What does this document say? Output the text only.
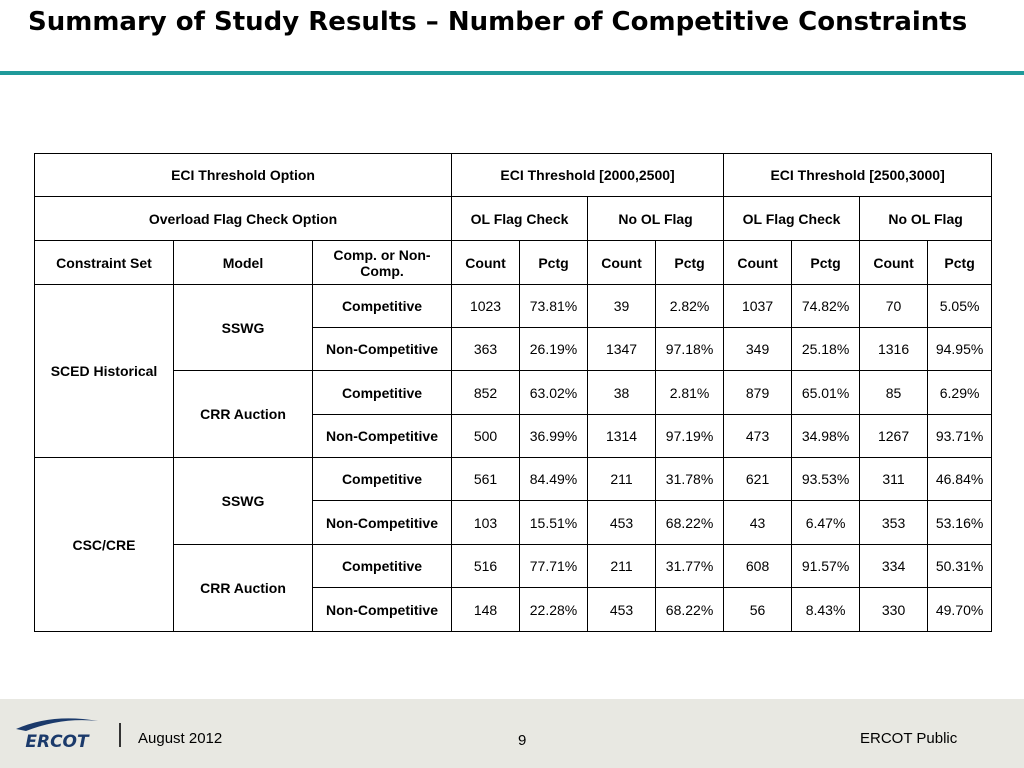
Summary of Study Results – Number of Competitive Constraints
ECI Threshold Option			ECI Threshold [2000,2500]				ECI Threshold [2500,3000]			
Overload Flag Check Option			OL Flag Check		No OL Flag		OL Flag Check		No OL Flag	
Constraint Set	Model	Comp. or Non-Comp.	Count	Pctg	Count	Pctg	Count	Pctg	Count	Pctg
SCED Historical	SSWG	Competitive	1023	73.81%	39	2.82%	1037	74.82%	70	5.05%
		Non-Competitive	363	26.19%	1347	97.18%	349	25.18%	1316	94.95%
	CRR Auction	Competitive	852	63.02%	38	2.81%	879	65.01%	85	6.29%
		Non-Competitive	500	36.99%	1314	97.19%	473	34.98%	1267	93.71%
CSC/CRE	SSWG	Competitive	561	84.49%	211	31.78%	621	93.53%	311	46.84%
		Non-Competitive	103	15.51%	453	68.22%	43	6.47%	353	53.16%
	CRR Auction	Competitive	516	77.71%	211	31.77%	608	91.57%	334	50.31%
		Non-Competitive	148	22.28%	453	68.22%	56	8.43%	330	49.70%
ERCOT	August 2012	9	ERCOT Public
